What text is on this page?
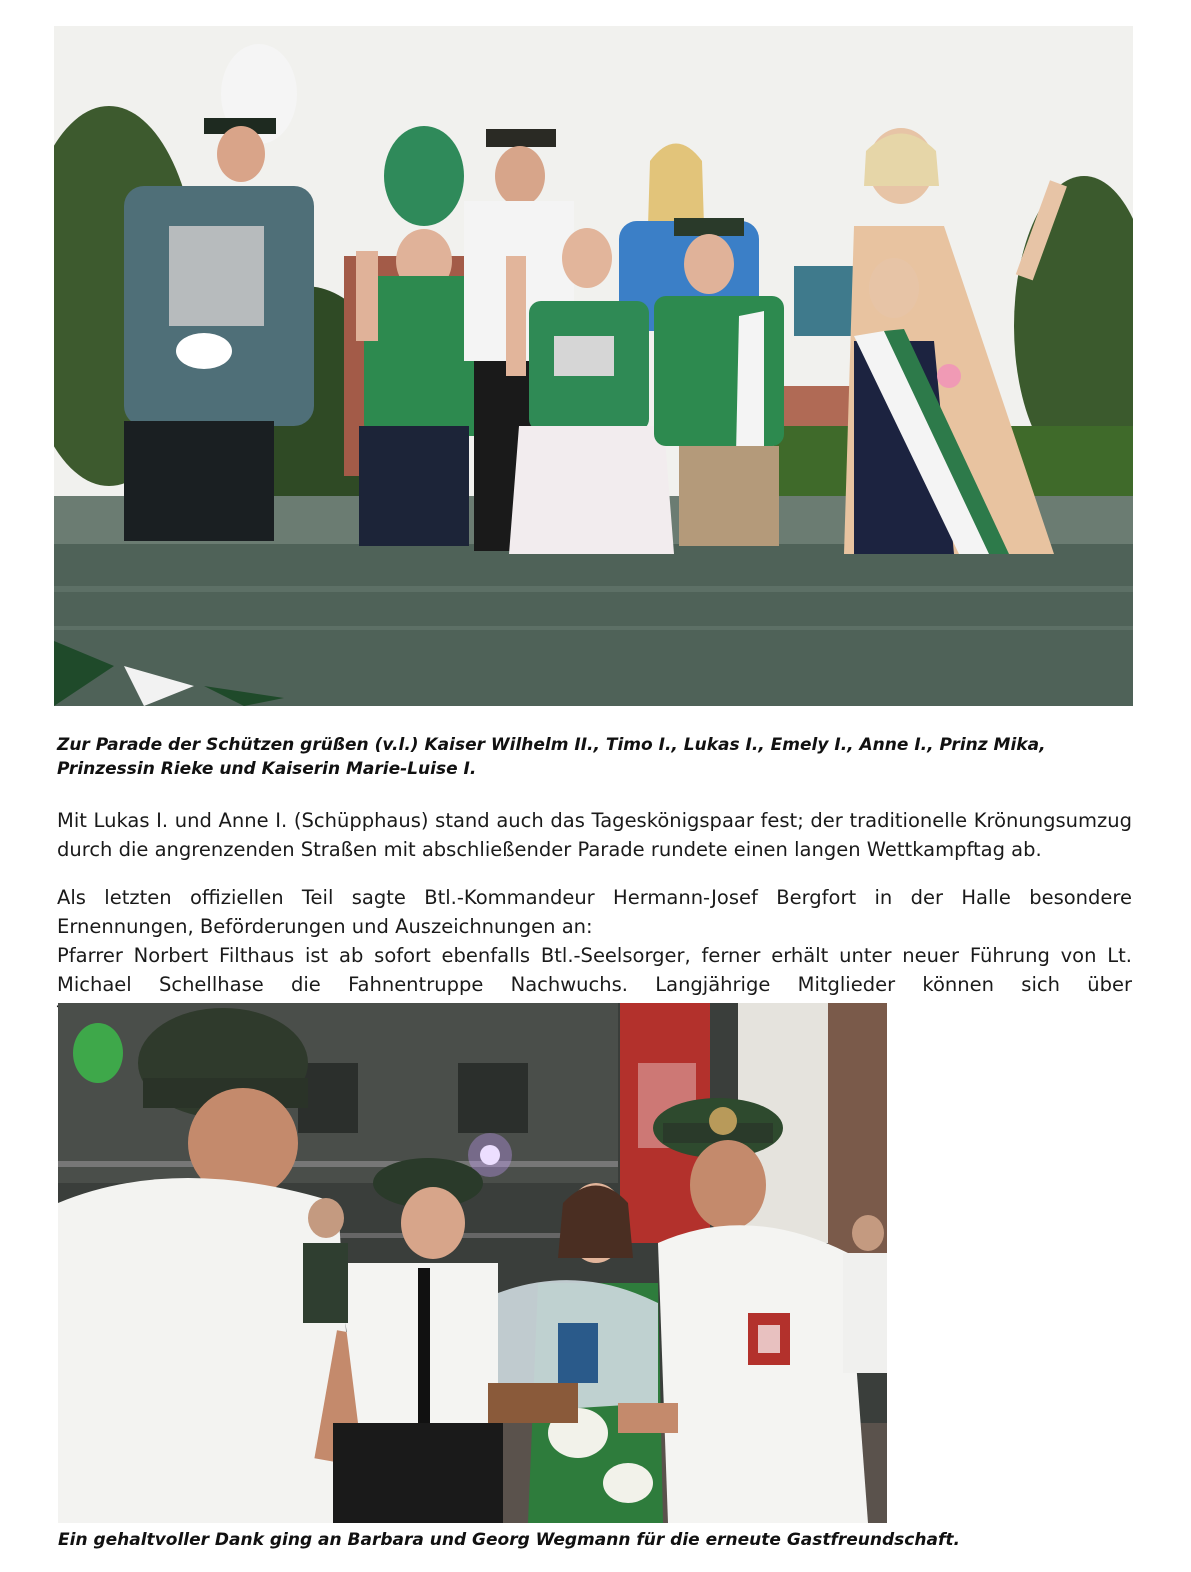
Zur Parade der Schützen grüßen (v.l.) Kaiser Wilhelm II., Timo I., Lukas I., Emely I., Anne I., Prinz Mika, Prinzessin Rieke und Kaiserin Marie-Luise I.

Mit Lukas I. und Anne I. (Schüpphaus) stand auch das Tageskönigspaar fest; der traditionelle Krönungsumzug durch die angrenzenden Straßen mit abschließender Parade rundete einen langen Wettkampftag ab.

Als letzten offiziellen Teil sagte Btl.-Kommandeur Hermann-Josef Bergfort in der Halle besondere Ernennungen, Beförderungen und Auszeichnungen an:

Pfarrer Norbert Filthaus ist ab sofort ebenfalls Btl.-Seelsorger, ferner erhält unter neuer Führung von Lt. Michael Schellhase die Fahnentruppe Nachwuchs. Langjährige Mitglieder können sich über

Ein gehaltvoller Dank ging an Barbara und Georg Wegmann für die erneute Gastfreundschaft.
